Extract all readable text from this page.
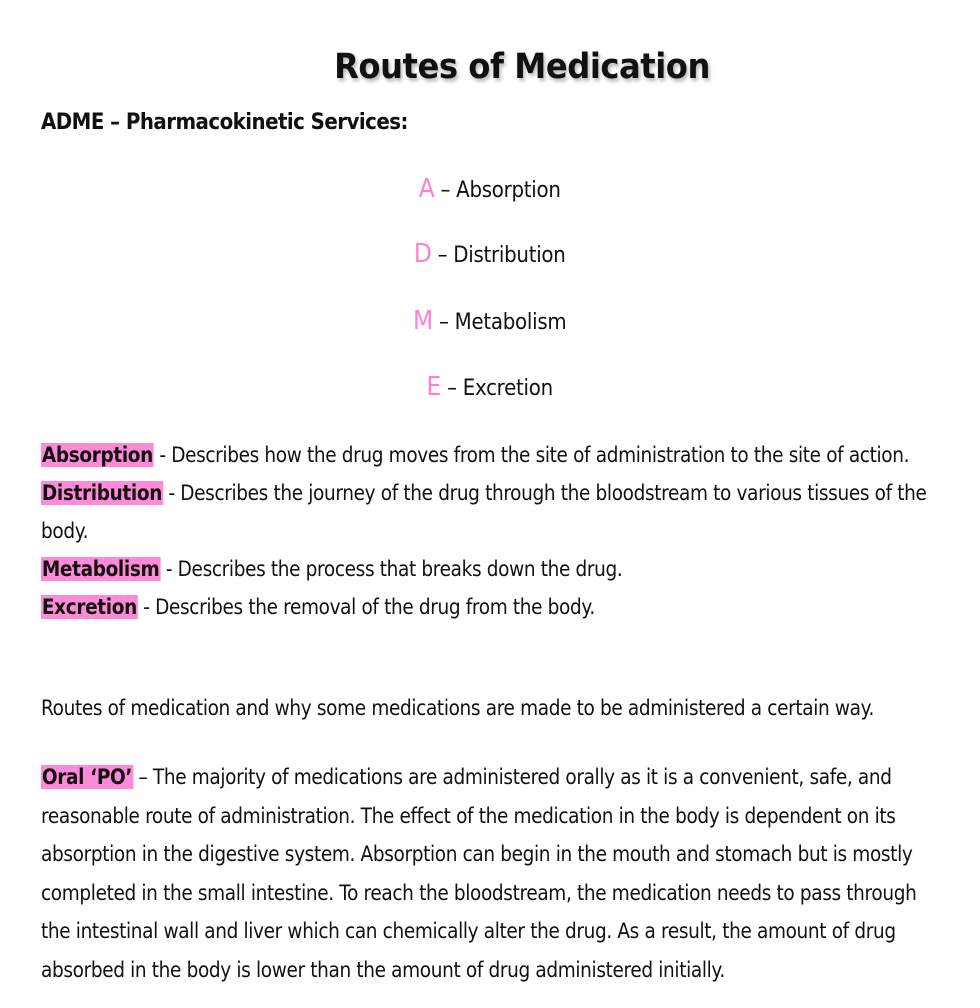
Routes of Medication
ADME – Pharmacokinetic Services:
A – Absorption
D – Distribution
M – Metabolism
E – Excretion
Absorption - Describes how the drug moves from the site of administration to the site of action.
Distribution - Describes the journey of the drug through the bloodstream to various tissues of the
body.
Metabolism - Describes the process that breaks down the drug.
Excretion - Describes the removal of the drug from the body.
Routes of medication and why some medications are made to be administered a certain way.
Oral ‘PO’ – The majority of medications are administered orally as it is a convenient, safe, and
reasonable route of administration. The effect of the medication in the body is dependent on its
absorption in the digestive system. Absorption can begin in the mouth and stomach but is mostly
completed in the small intestine. To reach the bloodstream, the medication needs to pass through
the intestinal wall and liver which can chemically alter the drug. As a result, the amount of drug
absorbed in the body is lower than the amount of drug administered initially.
